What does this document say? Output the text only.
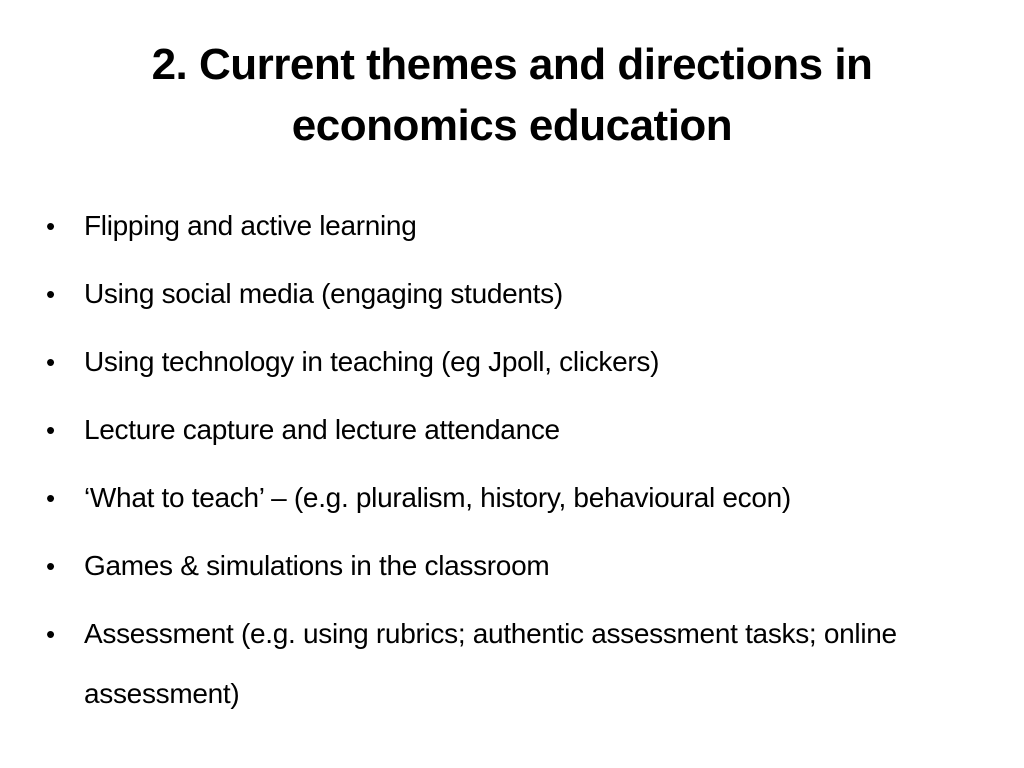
2. Current themes and directions in economics education
• Flipping and active learning
• Using social media (engaging students)
• Using technology in teaching (eg Jpoll, clickers)
• Lecture capture and lecture attendance
• ‘What to teach’ – (e.g. pluralism, history, behavioural econ)
• Games & simulations in the classroom
• Assessment (e.g. using rubrics; authentic assessment tasks; online assessment)
